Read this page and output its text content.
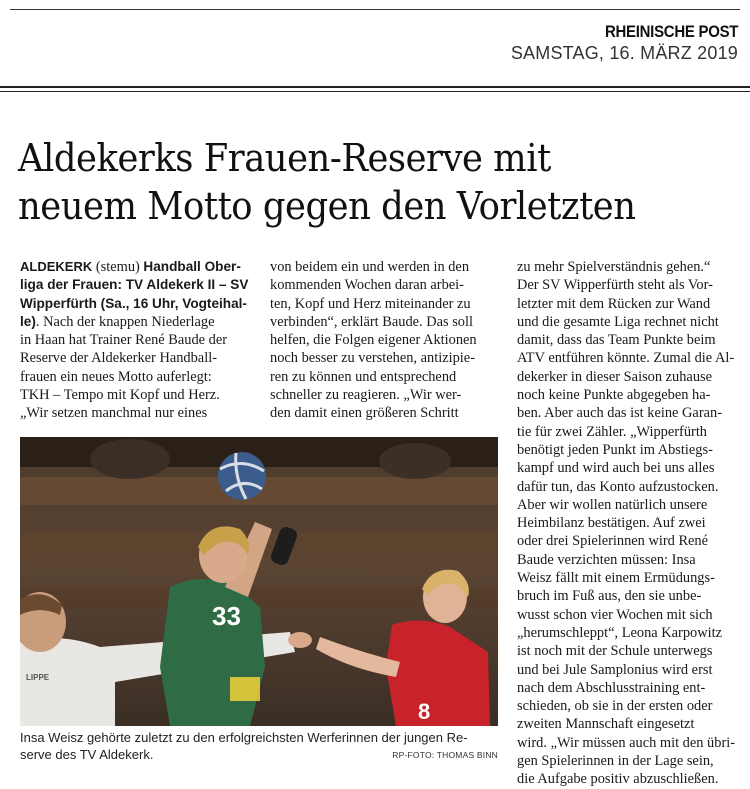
RHEINISCHE POST
SAMSTAG, 16. MÄRZ 2019
Aldekerks Frauen-Reserve mit
neuem Motto gegen den Vorletzten
ALDEKERK (stemu) Handball Ober-
liga der Frauen: TV Aldekerk II – SV
Wipperfürth (Sa., 16 Uhr, Vogteihal-
le). Nach der knappen Niederlage
in Haan hat Trainer René Baude der
Reserve der Aldekerker Handball-
frauen ein neues Motto auferlegt:
TKH – Tempo mit Kopf und Herz.
„Wir setzen manchmal nur eines
von beidem ein und werden in den
kommenden Wochen daran arbei-
ten, Kopf und Herz miteinander zu
verbinden“, erklärt Baude. Das soll
helfen, die Folgen eigener Aktionen
noch besser zu verstehen, antizipie-
ren zu können und entsprechend
schneller zu reagieren. „Wir wer-
den damit einen größeren Schritt
zu mehr Spielverständnis gehen.“
Der SV Wipperfürth steht als Vor-
letzter mit dem Rücken zur Wand
und die gesamte Liga rechnet nicht
damit, dass das Team Punkte beim
ATV entführen könnte. Zumal die Al-
dekerker in dieser Saison zuhause
noch keine Punkte abgegeben ha-
ben. Aber auch das ist keine Garan-
tie für zwei Zähler. „Wipperfürth
benötigt jeden Punkt im Abstiegs-
kampf und wird auch bei uns alles
dafür tun, das Konto aufzustocken.
Aber wir wollen natürlich unsere
Heimbilanz bestätigen. Auf zwei
oder drei Spielerinnen wird René
Baude verzichten müssen: Insa
Weisz fällt mit einem Ermüdungs-
bruch im Fuß aus, den sie unbe-
wusst schon vier Wochen mit sich
„herumschleppt“, Leona Karpowitz
ist noch mit der Schule unterwegs
und bei Jule Samplonius wird erst
nach dem Abschlusstraining ent-
schieden, ob sie in der ersten oder
zweiten Mannschaft eingesetzt
wird. „Wir müssen auch mit den übri-
gen Spielerinnen in der Lage sein,
die Aufgabe positiv abzuschließen.
33
8
LIPPE
Insa Weisz gehörte zuletzt zu den erfolgreichsten Werferinnen der jungen Re-
serve des TV Aldekerk.	RP-FOTO: THOMAS BINN
